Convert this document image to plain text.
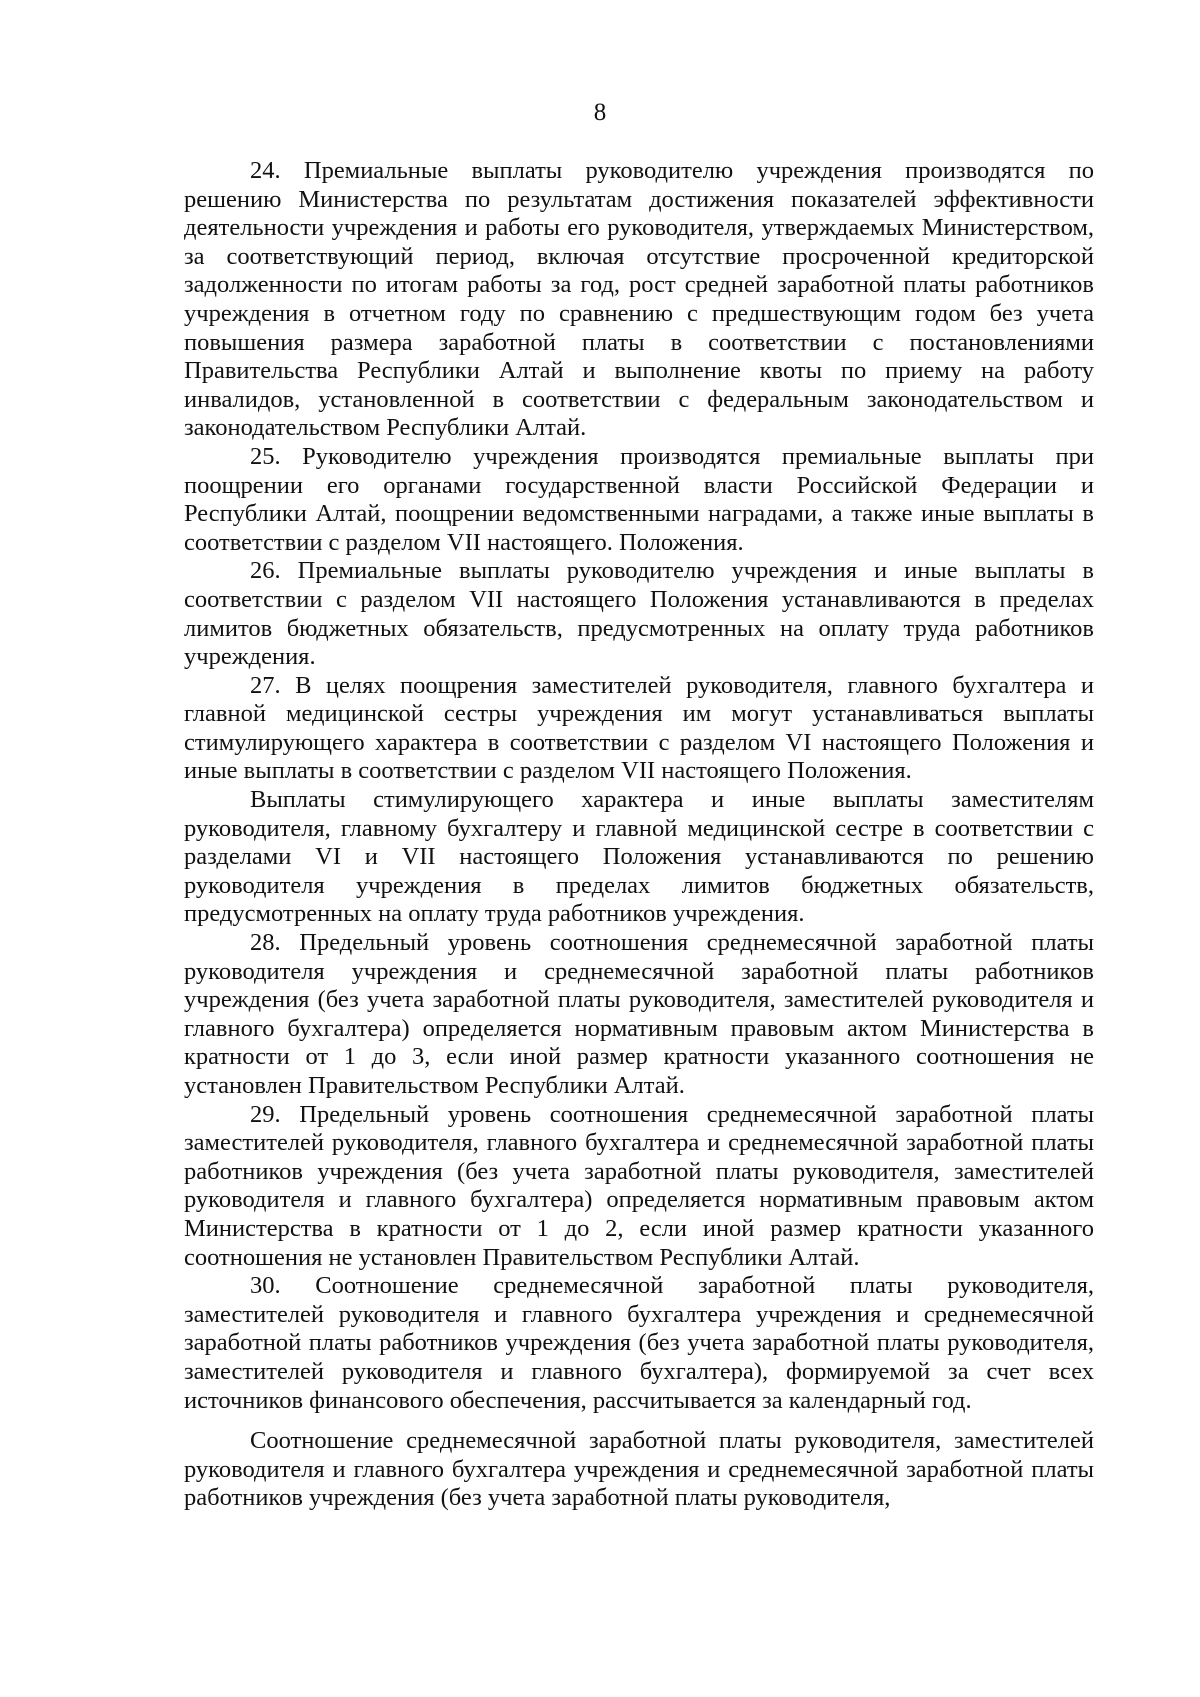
8

24. Премиальные выплаты руководителю учреждения производятся по решению Министерства по результатам достижения показателей эффективности деятельности учреждения и работы его руководителя, утверждаемых Министерством, за соответствующий период, включая отсутствие просроченной кредиторской задолженности по итогам работы за год, рост средней заработной платы работников учреждения в отчетном году по сравнению с предшествующим годом без учета повышения размера заработной платы в соответствии с постановлениями Правительства Республики Алтай и выполнение квоты по приему на работу инвалидов, установленной в соответствии с федеральным законодательством и законодательством Республики Алтай.

25. Руководителю учреждения производятся премиальные выплаты при поощрении его органами государственной власти Российской Федерации и Республики Алтай, поощрении ведомственными наградами, а также иные выплаты в соответствии с разделом VII настоящего. Положения.

26. Премиальные выплаты руководителю учреждения и иные выплаты в соответствии с разделом VII настоящего Положения устанавливаются в пределах лимитов бюджетных обязательств, предусмотренных на оплату труда работников учреждения.

27. В целях поощрения заместителей руководителя, главного бухгалтера и главной медицинской сестры учреждения им могут устанавливаться выплаты стимулирующего характера в соответствии с разделом VI настоящего Положения и иные выплаты в соответствии с разделом VII настоящего Положения.

Выплаты стимулирующего характера и иные выплаты заместителям руководителя, главному бухгалтеру и главной медицинской сестре в соответствии с разделами VI и VII настоящего Положения устанавливаются по решению руководителя учреждения в пределах лимитов бюджетных обязательств, предусмотренных на оплату труда работников учреждения.

28. Предельный уровень соотношения среднемесячной заработной платы руководителя учреждения и среднемесячной заработной платы работников учреждения (без учета заработной платы руководителя, заместителей руководителя и главного бухгалтера) определяется нормативным правовым актом Министерства в кратности от 1 до 3, если иной размер кратности указанного соотношения не установлен Правительством Республики Алтай.

29. Предельный уровень соотношения среднемесячной заработной платы заместителей руководителя, главного бухгалтера и среднемесячной заработной платы работников учреждения (без учета заработной платы руководителя, заместителей руководителя и главного бухгалтера) определяется нормативным правовым актом Министерства в кратности от 1 до 2, если иной размер кратности указанного соотношения не установлен Правительством Республики Алтай.

30. Соотношение среднемесячной заработной платы руководителя, заместителей руководителя и главного бухгалтера учреждения и среднемесячной заработной платы работников учреждения (без учета заработной платы руководителя, заместителей руководителя и главного бухгалтера), формируемой за счет всех источников финансового обеспечения, рассчитывается за календарный год.

Соотношение среднемесячной заработной платы руководителя, заместителей руководителя и главного бухгалтера учреждения и среднемесячной заработной платы работников учреждения (без учета заработной платы руководителя,
